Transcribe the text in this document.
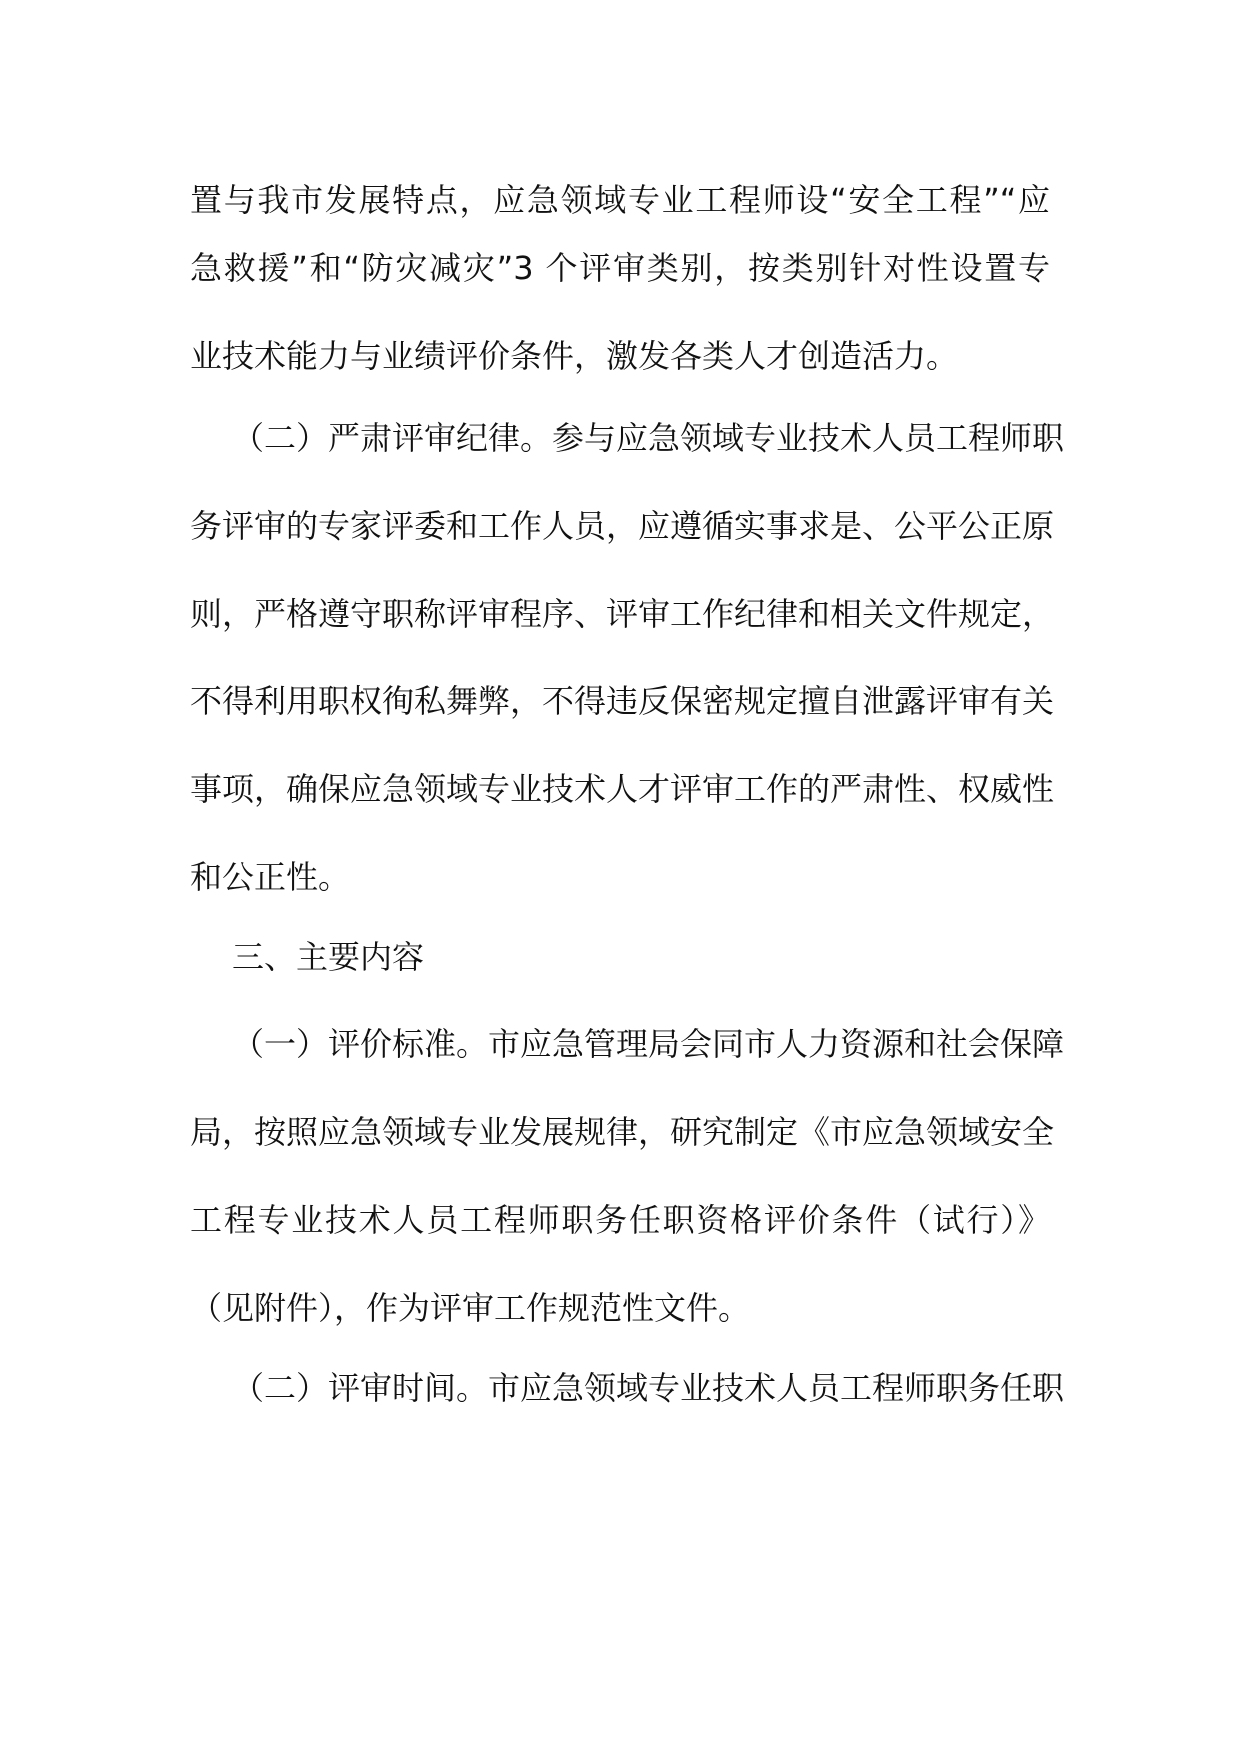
置与我市发展特点，应急领域专业工程师设“安全工程”“应
急救援”和“防灾减灾”3 个评审类别，按类别针对性设置专
业技术能力与业绩评价条件，激发各类人才创造活力。
（二）严肃评审纪律。参与应急领域专业技术人员工程师职
务评审的专家评委和工作人员，应遵循实事求是、公平公正原
则，严格遵守职称评审程序、评审工作纪律和相关文件规定，
不得利用职权徇私舞弊，不得违反保密规定擅自泄露评审有关
事项，确保应急领域专业技术人才评审工作的严肃性、权威性
和公正性。
三、主要内容
（一）评价标准。市应急管理局会同市人力资源和社会保障
局，按照应急领域专业发展规律，研究制定《市应急领域安全
工程专业技术人员工程师职务任职资格评价条件（试行）》
（见附件），作为评审工作规范性文件。
（二）评审时间。市应急领域专业技术人员工程师职务任职
